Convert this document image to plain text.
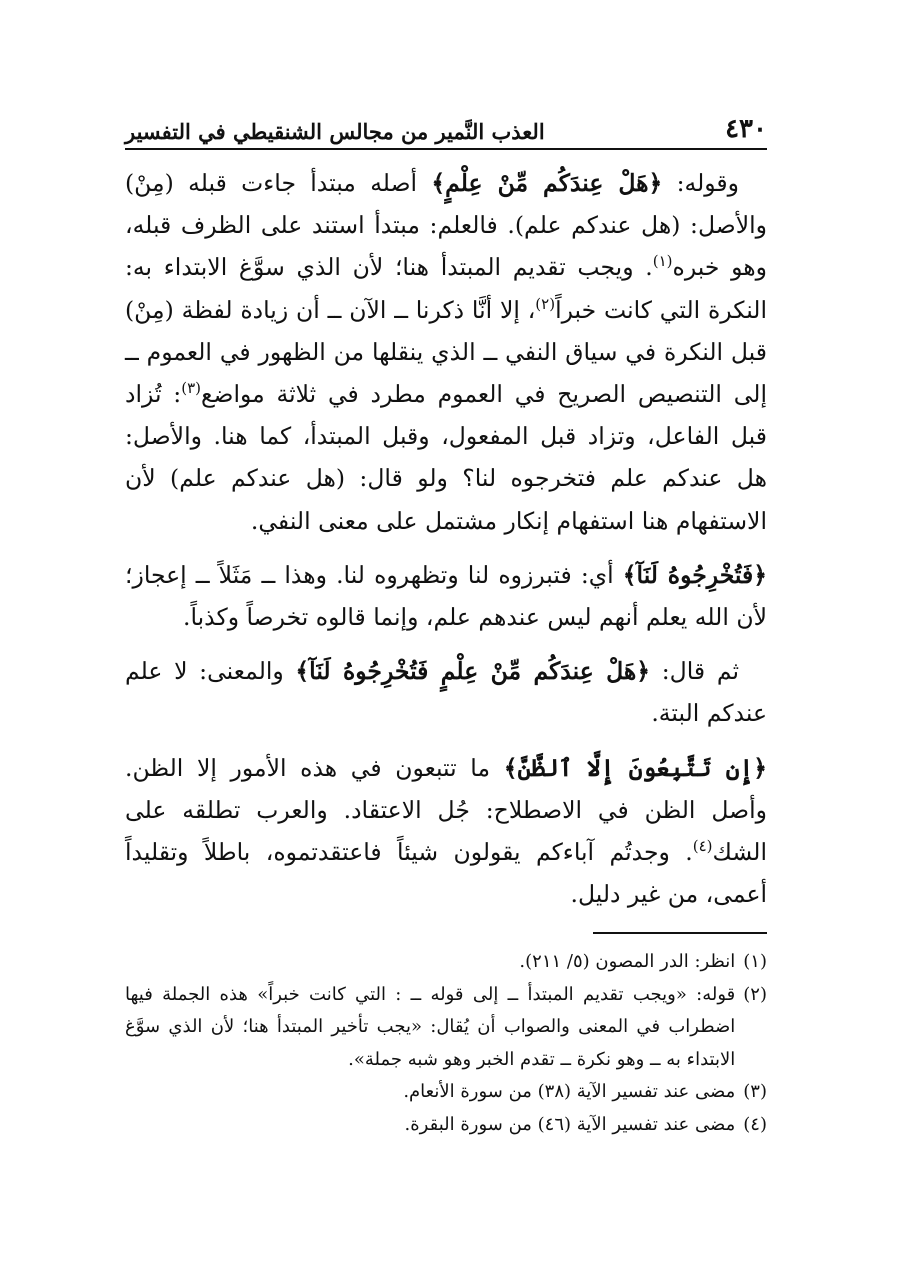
٤٣٠
العذب النَّمير من مجالس الشنقيطي في التفسير

وقوله: ﴿هَلْ عِندَكُم مِّنْ عِلْمٍ﴾ أصله مبتدأ جاءت قبله (مِنْ) والأصل: (هل عندكم علم). فالعلم: مبتدأ استند على الظرف قبله، وهو خبره$^{(١)}$. ويجب تقديم المبتدأ هنا؛ لأن الذي سوَّغ الابتداء به: النكرة التي كانت خبراً$^{(٢)}$، إلا أنَّا ذكرنا ــ الآن ــ أن زيادة لفظة (مِنْ) قبل النكرة في سياق النفي ــ الذي ينقلها من الظهور في العموم ــ إلى التنصيص الصريح في العموم مطرد في ثلاثة مواضع$^{(٣)}$: تُزاد قبل الفاعل، وتزاد قبل المفعول، وقبل المبتدأ، كما هنا. والأصل: هل عندكم علم فتخرجوه لنا؟ ولو قال: (هل عندكم علم) لأن الاستفهام هنا استفهام إنكار مشتمل على معنى النفي.

﴿فَتُخْرِجُوهُ لَنَآ﴾ أي: فتبرزوه لنا وتظهروه لنا. وهذا ــ مَثَلاً ــ إعجاز؛ لأن الله يعلم أنهم ليس عندهم علم، وإنما قالوه تخرصاً وكذباً.

ثم قال: ﴿هَلْ عِندَكُم مِّنْ عِلْمٍ فَتُخْرِجُوهُ لَنَآ﴾ والمعنى: لا علم عندكم البتة.

﴿إِن تَتَّبِعُونَ إِلَّا ٱلظَّنَّ﴾ ما تتبعون في هذه الأمور إلا الظن. وأصل الظن في الاصطلاح: جُل الاعتقاد. والعرب تطلقه على الشك$^{(٤)}$. وجدتُم آباءكم يقولون شيئاً فاعتقدتموه، باطلاً وتقليداً أعمى، من غير دليل.

(١)
انظر: الدر المصون (٥/ ٢١١).

(٢)
قوله: «ويجب تقديم المبتدأ ــ إلى قوله ــ : التي كانت خبراً» هذه الجملة فيها اضطراب في المعنى والصواب أن يُقال: «يجب تأخير المبتدأ هنا؛ لأن الذي سوَّغ الابتداء به ــ وهو نكرة ــ تقدم الخبر وهو شبه جملة».

(٣)
مضى عند تفسير الآية (٣٨) من سورة الأنعام.

(٤)
مضى عند تفسير الآية (٤٦) من سورة البقرة.
